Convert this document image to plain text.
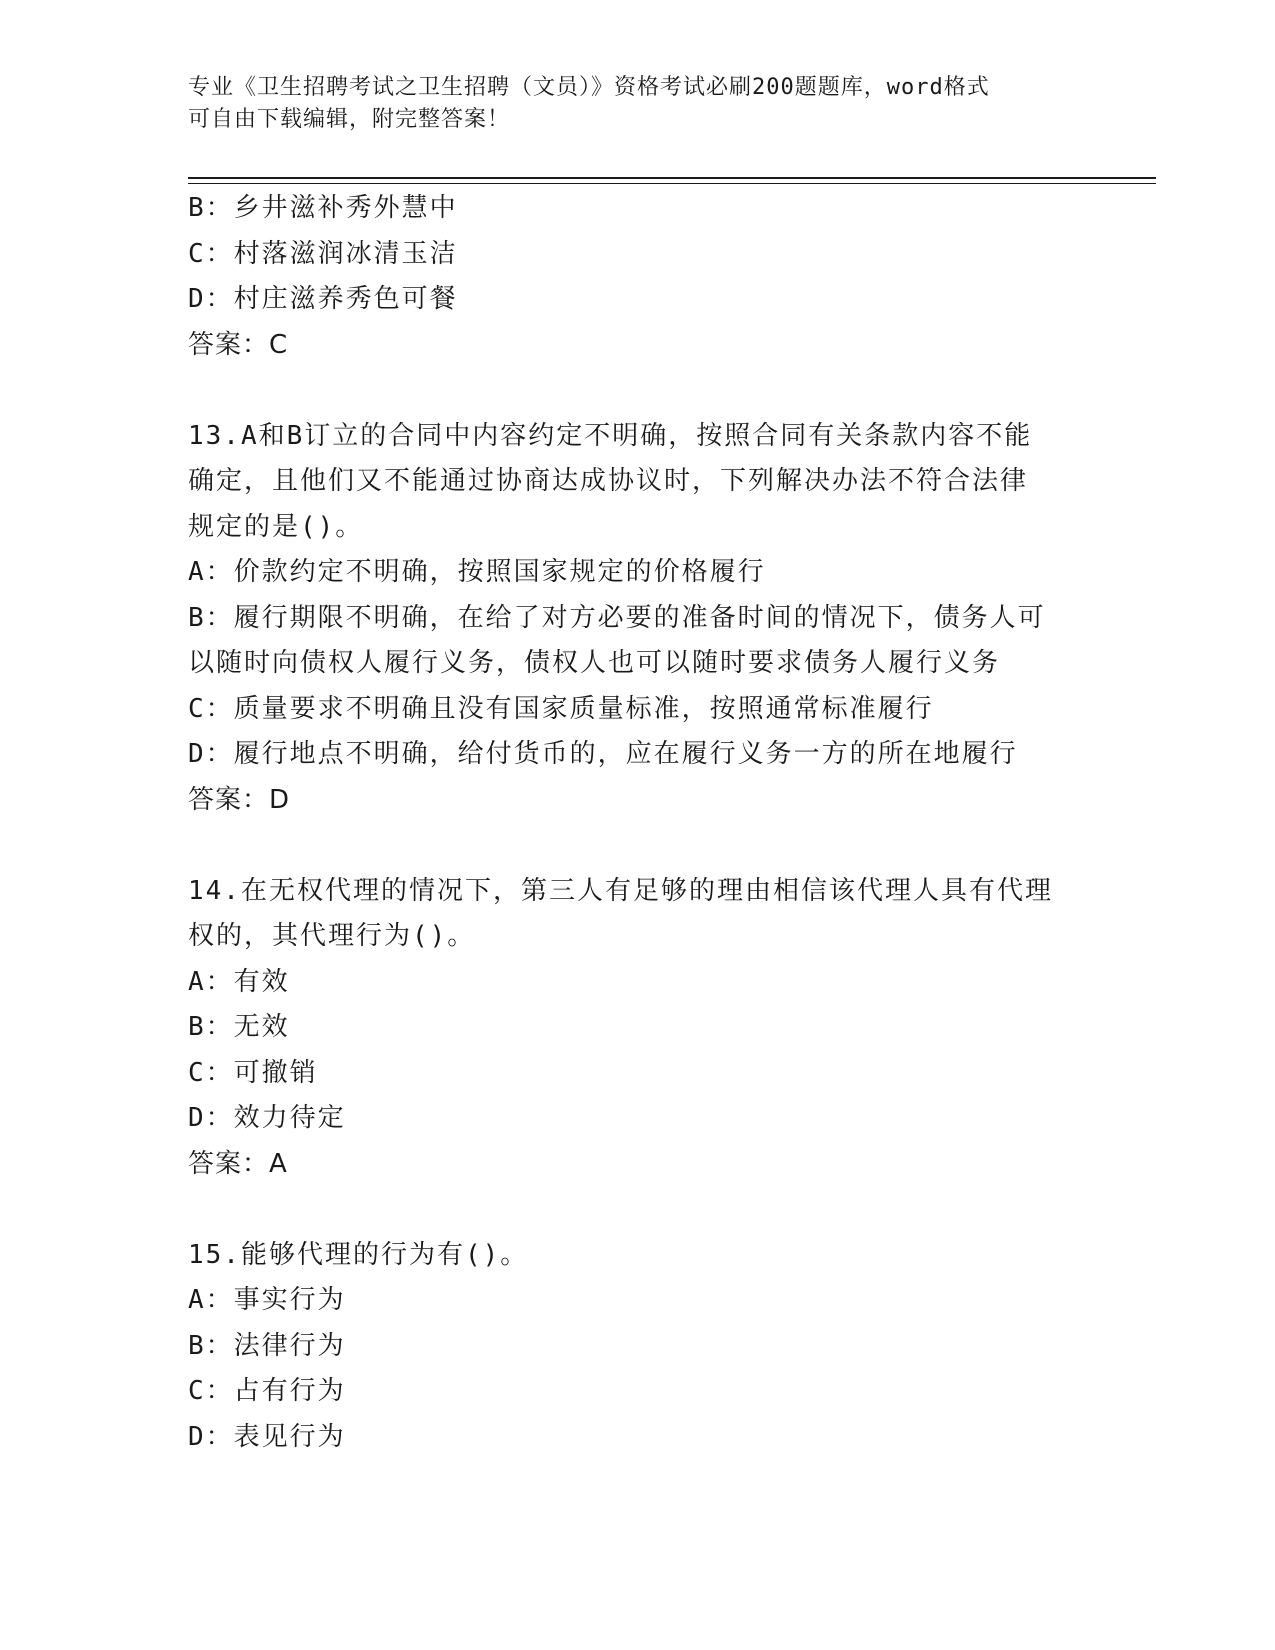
专业《卫生招聘考试之卫生招聘（文员）》资格考试必刷200题题库，word格式
可自由下载编辑，附完整答案！
B：乡井滋补秀外慧中
C：村落滋润冰清玉洁
D：村庄滋养秀色可餐
答案：C
13.A和B订立的合同中内容约定不明确，按照合同有关条款内容不能
确定，且他们又不能通过协商达成协议时，下列解决办法不符合法律
规定的是()。
A：价款约定不明确，按照国家规定的价格履行
B：履行期限不明确，在给了对方必要的准备时间的情况下，债务人可
以随时向债权人履行义务，债权人也可以随时要求债务人履行义务
C：质量要求不明确且没有国家质量标准，按照通常标准履行
D：履行地点不明确，给付货币的，应在履行义务一方的所在地履行
答案：D
14.在无权代理的情况下，第三人有足够的理由相信该代理人具有代理
权的，其代理行为()。
A：有效
B：无效
C：可撤销
D：效力待定
答案：A
15.能够代理的行为有()。
A：事实行为
B：法律行为
C：占有行为
D：表见行为
